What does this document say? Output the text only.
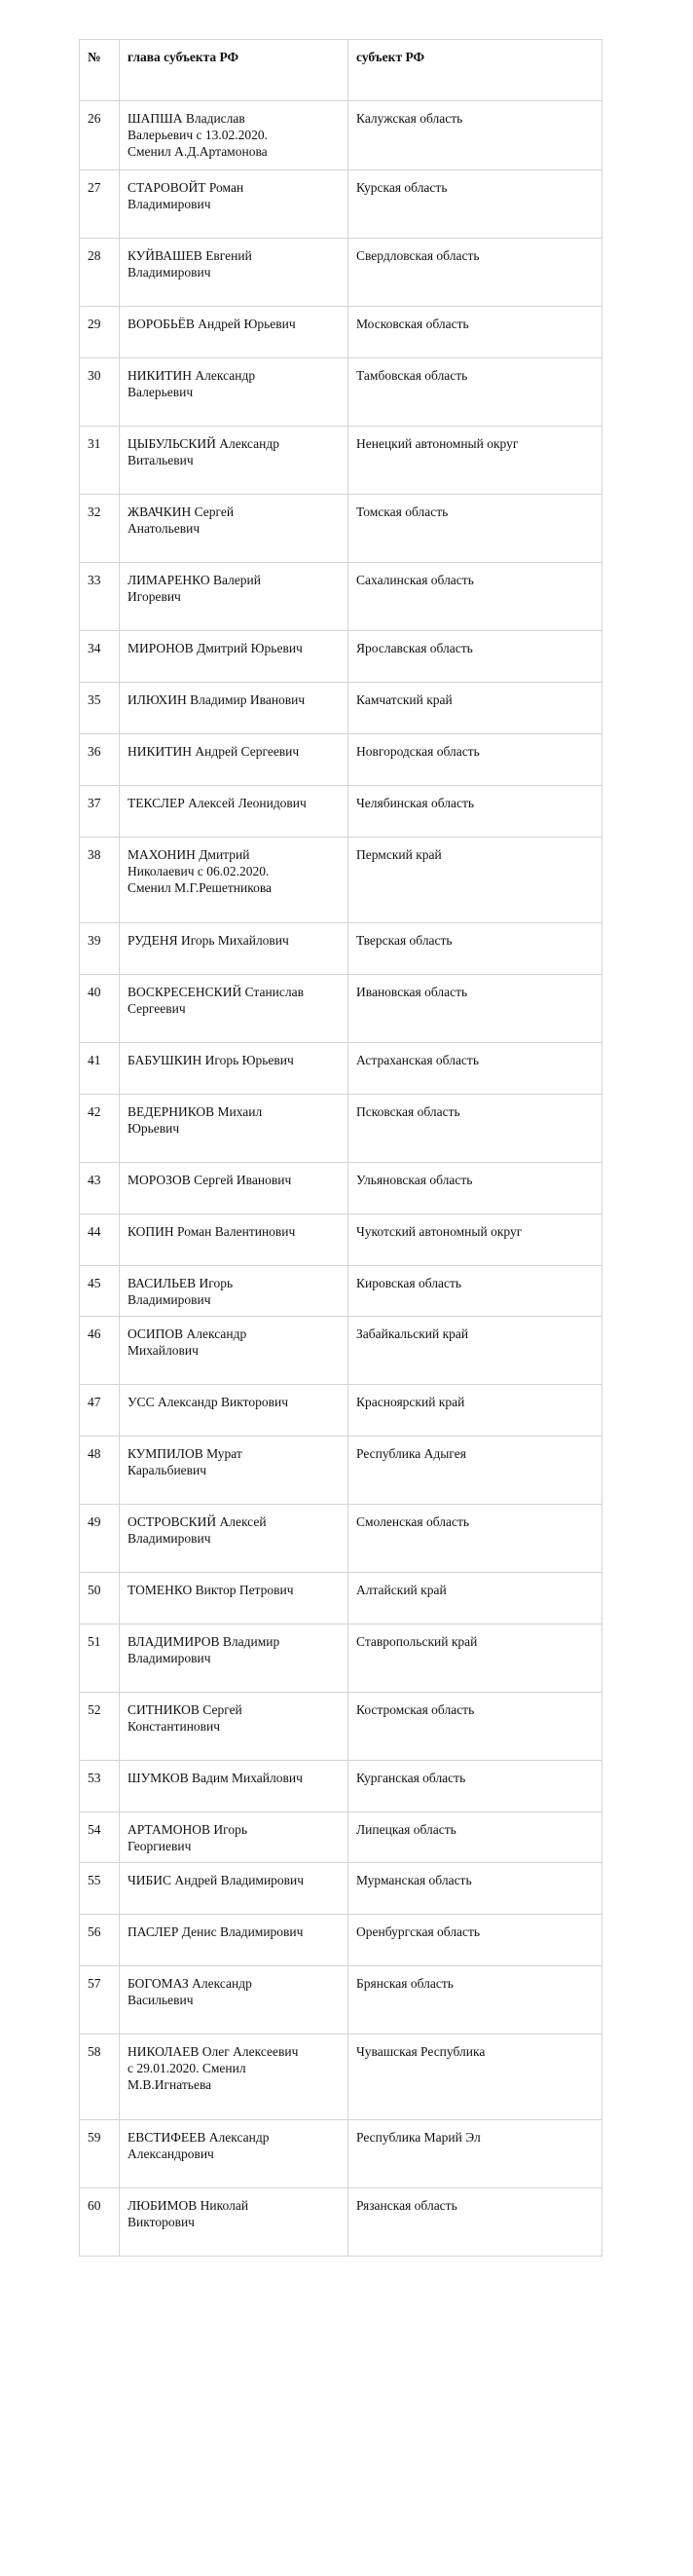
№	глава субъекта РФ	субъект РФ
26	ШАПША Владислав
Валерьевич с 13.02.2020.
Сменил А.Д.Артамонова	Калужская область
27	СТАРОВОЙТ Роман
Владимирович	Курская область
28	КУЙВАШЕВ Евгений
Владимирович	Свердловская область
29	ВОРОБЬЁВ Андрей Юрьевич	Московская область
30	НИКИТИН Александр
Валерьевич	Тамбовская область
31	ЦЫБУЛЬСКИЙ Александр
Витальевич	Ненецкий автономный округ
32	ЖВАЧКИН Сергей
Анатольевич	Томская область
33	ЛИМАРЕНКО Валерий
Игоревич	Сахалинская область
34	МИРОНОВ Дмитрий Юрьевич	Ярославская область
35	ИЛЮХИН Владимир Иванович	Камчатский край
36	НИКИТИН Андрей Сергеевич	Новгородская область
37	ТЕКСЛЕР Алексей Леонидович	Челябинская область
38	МАХОНИН Дмитрий
Николаевич с 06.02.2020.
Сменил М.Г.Решетникова	Пермский край
39	РУДЕНЯ Игорь Михайлович	Тверская область
40	ВОСКРЕСЕНСКИЙ Станислав
Сергеевич	Ивановская область
41	БАБУШКИН Игорь Юрьевич	Астраханская область
42	ВЕДЕРНИКОВ Михаил
Юрьевич	Псковская область
43	МОРОЗОВ Сергей Иванович	Ульяновская область
44	КОПИН Роман Валентинович	Чукотский автономный округ
45	ВАСИЛЬЕВ Игорь
Владимирович	Кировская область
46	ОСИПОВ Александр
Михайлович	Забайкальский край
47	УСС Александр Викторович	Красноярский край
48	КУМПИЛОВ Мурат
Каральбиевич	Республика Адыгея
49	ОСТРОВСКИЙ Алексей
Владимирович	Смоленская область
50	ТОМЕНКО Виктор Петрович	Алтайский край
51	ВЛАДИМИРОВ Владимир
Владимирович	Ставропольский край
52	СИТНИКОВ Сергей
Константинович	Костромская область
53	ШУМКОВ Вадим Михайлович	Курганская область
54	АРТАМОНОВ Игорь
Георгиевич	Липецкая область
55	ЧИБИС Андрей Владимирович	Мурманская область
56	ПАСЛЕР Денис Владимирович	Оренбургская область
57	БОГОМАЗ Александр
Васильевич	Брянская область
58	НИКОЛАЕВ Олег Алексеевич
с 29.01.2020. Сменил
М.В.Игнатьева	Чувашская Республика
59	ЕВСТИФЕЕВ Александр
Александрович	Республика Марий Эл
60	ЛЮБИМОВ Николай
Викторович	Рязанская область
